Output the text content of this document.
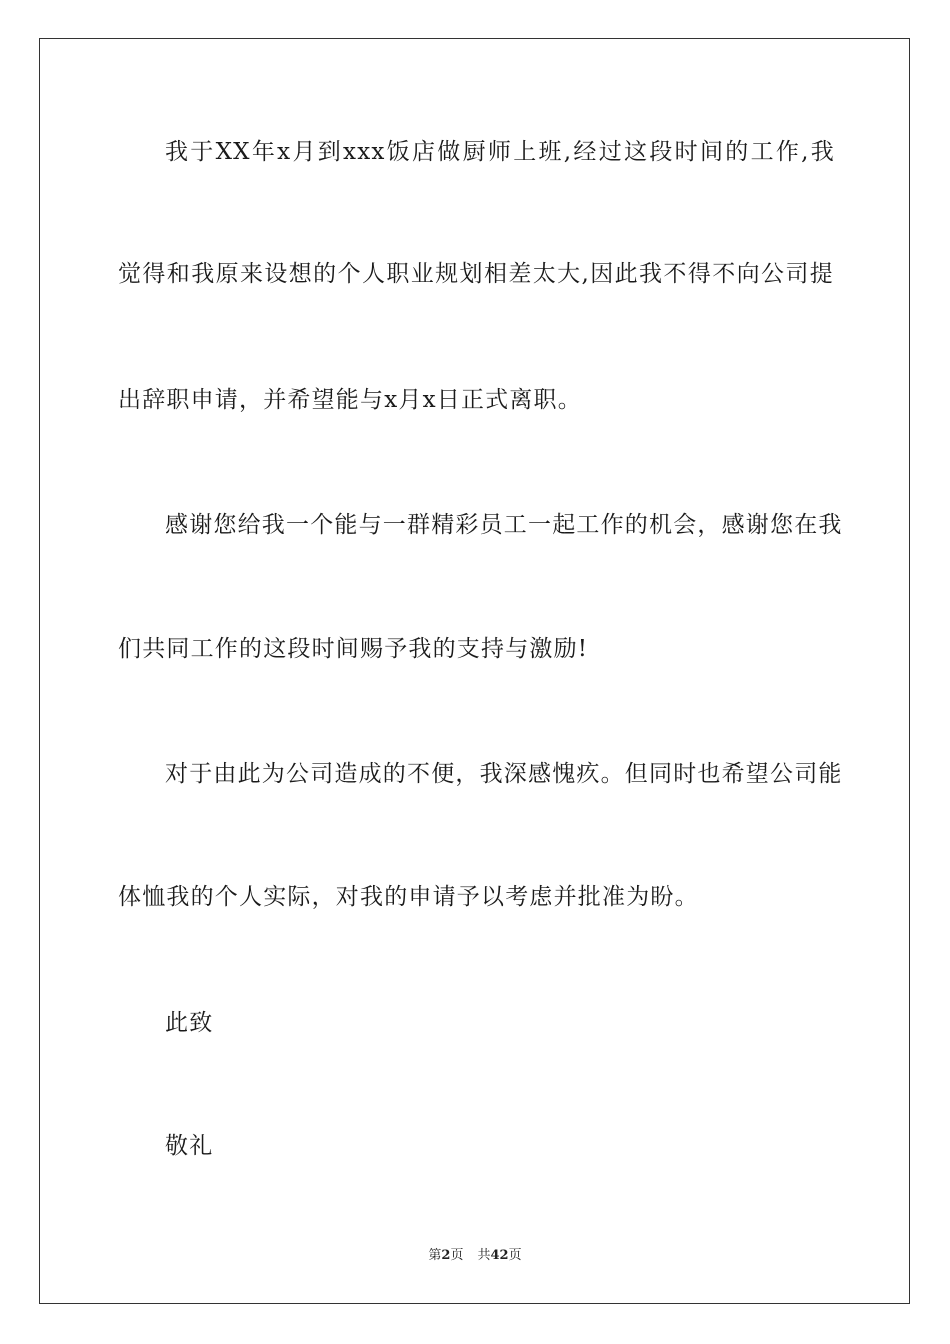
我于XX年x月到xxx饭店做厨师上班,经过这段时间的工作,我
觉得和我原来设想的个人职业规划相差太大,因此我不得不向公司提
出辞职申请，并希望能与x月x日正式离职。
感谢您给我一个能与一群精彩员工一起工作的机会，感谢您在我
们共同工作的这段时间赐予我的支持与激励!
对于由此为公司造成的不便，我深感愧疚。但同时也希望公司能
体恤我的个人实际，对我的申请予以考虑并批准为盼。
此致
敬礼
第2页 共42页
